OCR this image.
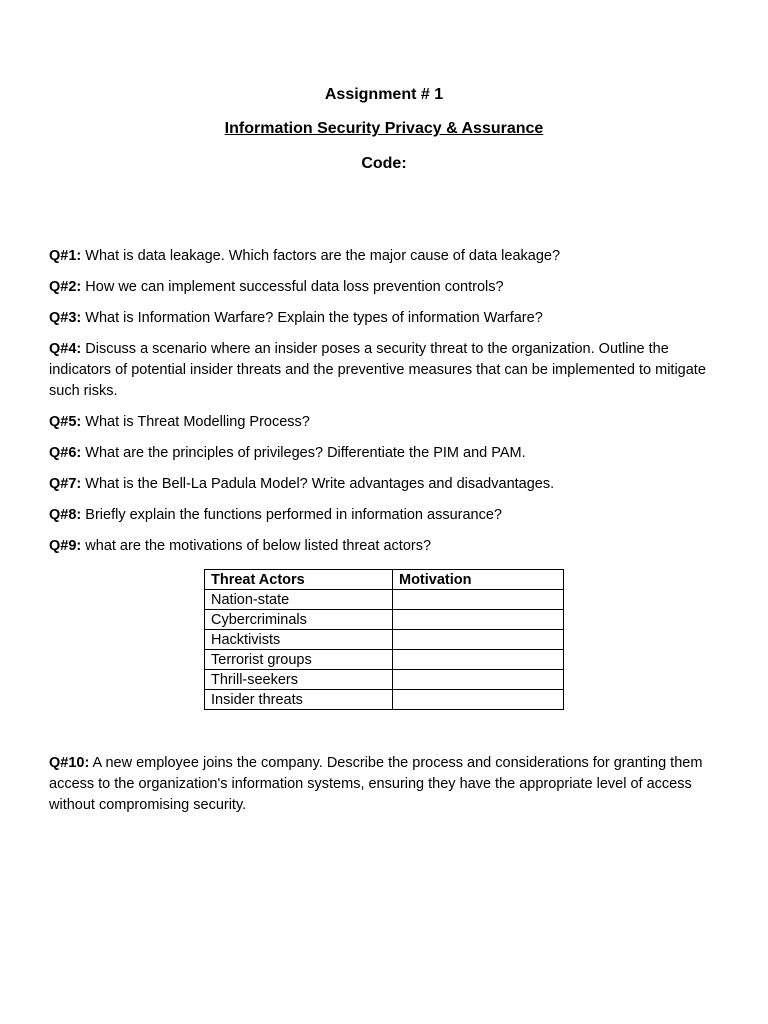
Assignment # 1
Information Security Privacy & Assurance
Code:

Q#1: What is data leakage. Which factors are the major cause of data leakage?

Q#2: How we can implement successful data loss prevention controls?

Q#3: What is Information Warfare? Explain the types of information Warfare?

Q#4: Discuss a scenario where an insider poses a security threat to the organization. Outline the indicators of potential insider threats and the preventive measures that can be implemented to mitigate such risks.

Q#5: What is Threat Modelling Process?

Q#6: What are the principles of privileges? Differentiate the PIM and PAM.

Q#7: What is the Bell-La Padula Model? Write advantages and disadvantages.

Q#8: Briefly explain the functions performed in information assurance?

Q#9: what are the motivations of below listed threat actors?

Threat Actors	Motivation
Nation-state	
Cybercriminals	
Hacktivists	
Terrorist groups	
Thrill-seekers	
Insider threats	

Q#10: A new employee joins the company. Describe the process and considerations for granting them access to the organization's information systems, ensuring they have the appropriate level of access without compromising security.
